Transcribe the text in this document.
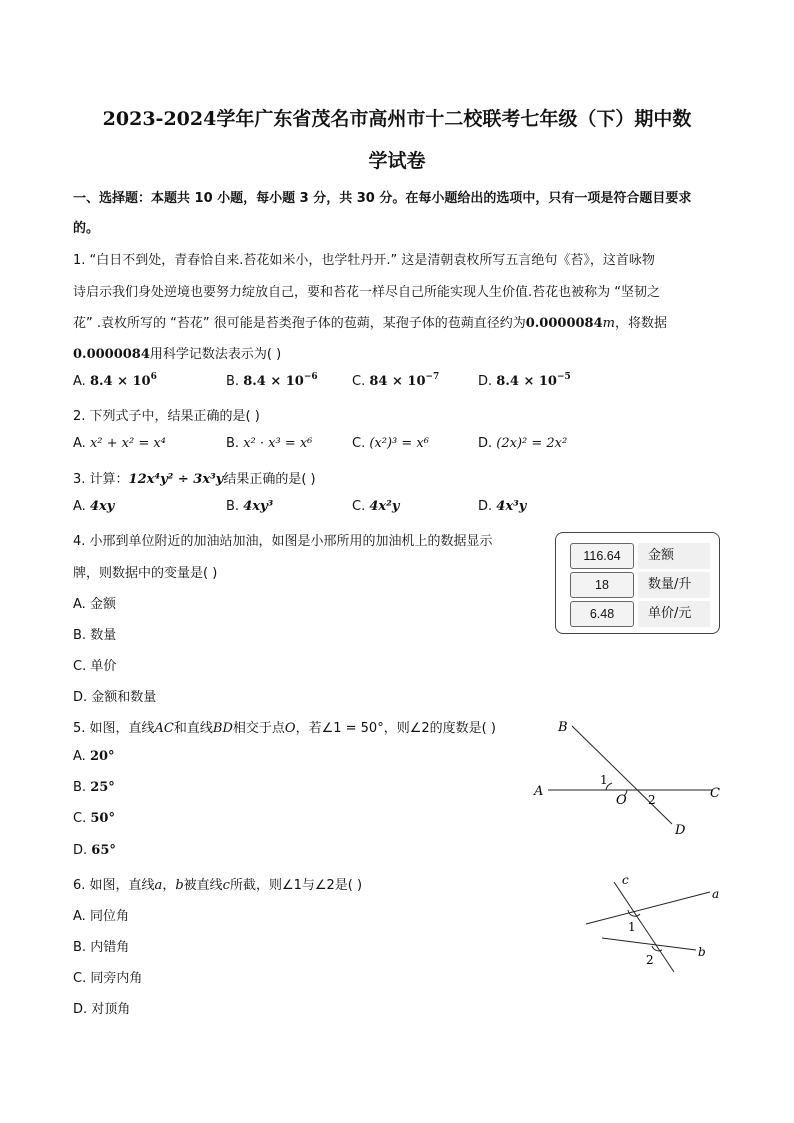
2023-2024学年广东省茂名市高州市十二校联考七年级（下）期中数
学试卷
一、选择题：本题共 10 小题，每小题 3 分，共 30 分。在每小题给出的选项中，只有一项是符合题目要求
的。
1. “白日不到处，青春恰自来.苔花如米小，也学牡丹开.” 这是清朝袁枚所写五言绝句《苔》，这首咏物
诗启示我们身处逆境也要努力绽放自己，要和苔花一样尽自己所能实现人生价值.苔花也被称为 “坚韧之
花” .袁枚所写的 “苔花” 很可能是苔类孢子体的苞蒴，某孢子体的苞蒴直径约为0.0000084m，将数据
0.0000084用科学记数法表示为( )
A. $8.4 \times 10^6$	B. $8.4 \times 10^{-6}$	C. $84 \times 10^{-7}$	D. $8.4 \times 10^{-5}$
2. 下列式子中，结果正确的是( )
A. x² + x² = x⁴	B. x² · x³ = x⁶	C. (x²)³ = x⁶	D. (2x)² = 2x²
3. 计算：12x⁴y² ÷ 3x³y结果正确的是( )
A. 4xy	B. 4xy³	C. 4x²y	D. 4x³y
4. 小邢到单位附近的加油站加油，如图是小邢所用的加油机上的数据显示
牌，则数据中的变量是( )
A. 金额
B. 数量
C. 单价
D. 金额和数量
116.64	金额
18	数量/升
6.48	单价/元
5. 如图，直线AC和直线BD相交于点O，若∠1 = 50°，则∠2的度数是( )
A. 20°
B. 25°
C. 50°
D. 65°
B
A	C
D
O
1
2
6. 如图，直线a，b被直线c所截，则∠1与∠2是( )
A. 同位角
B. 内错角
C. 同旁内角
D. 对顶角
c
a
b
1
2
